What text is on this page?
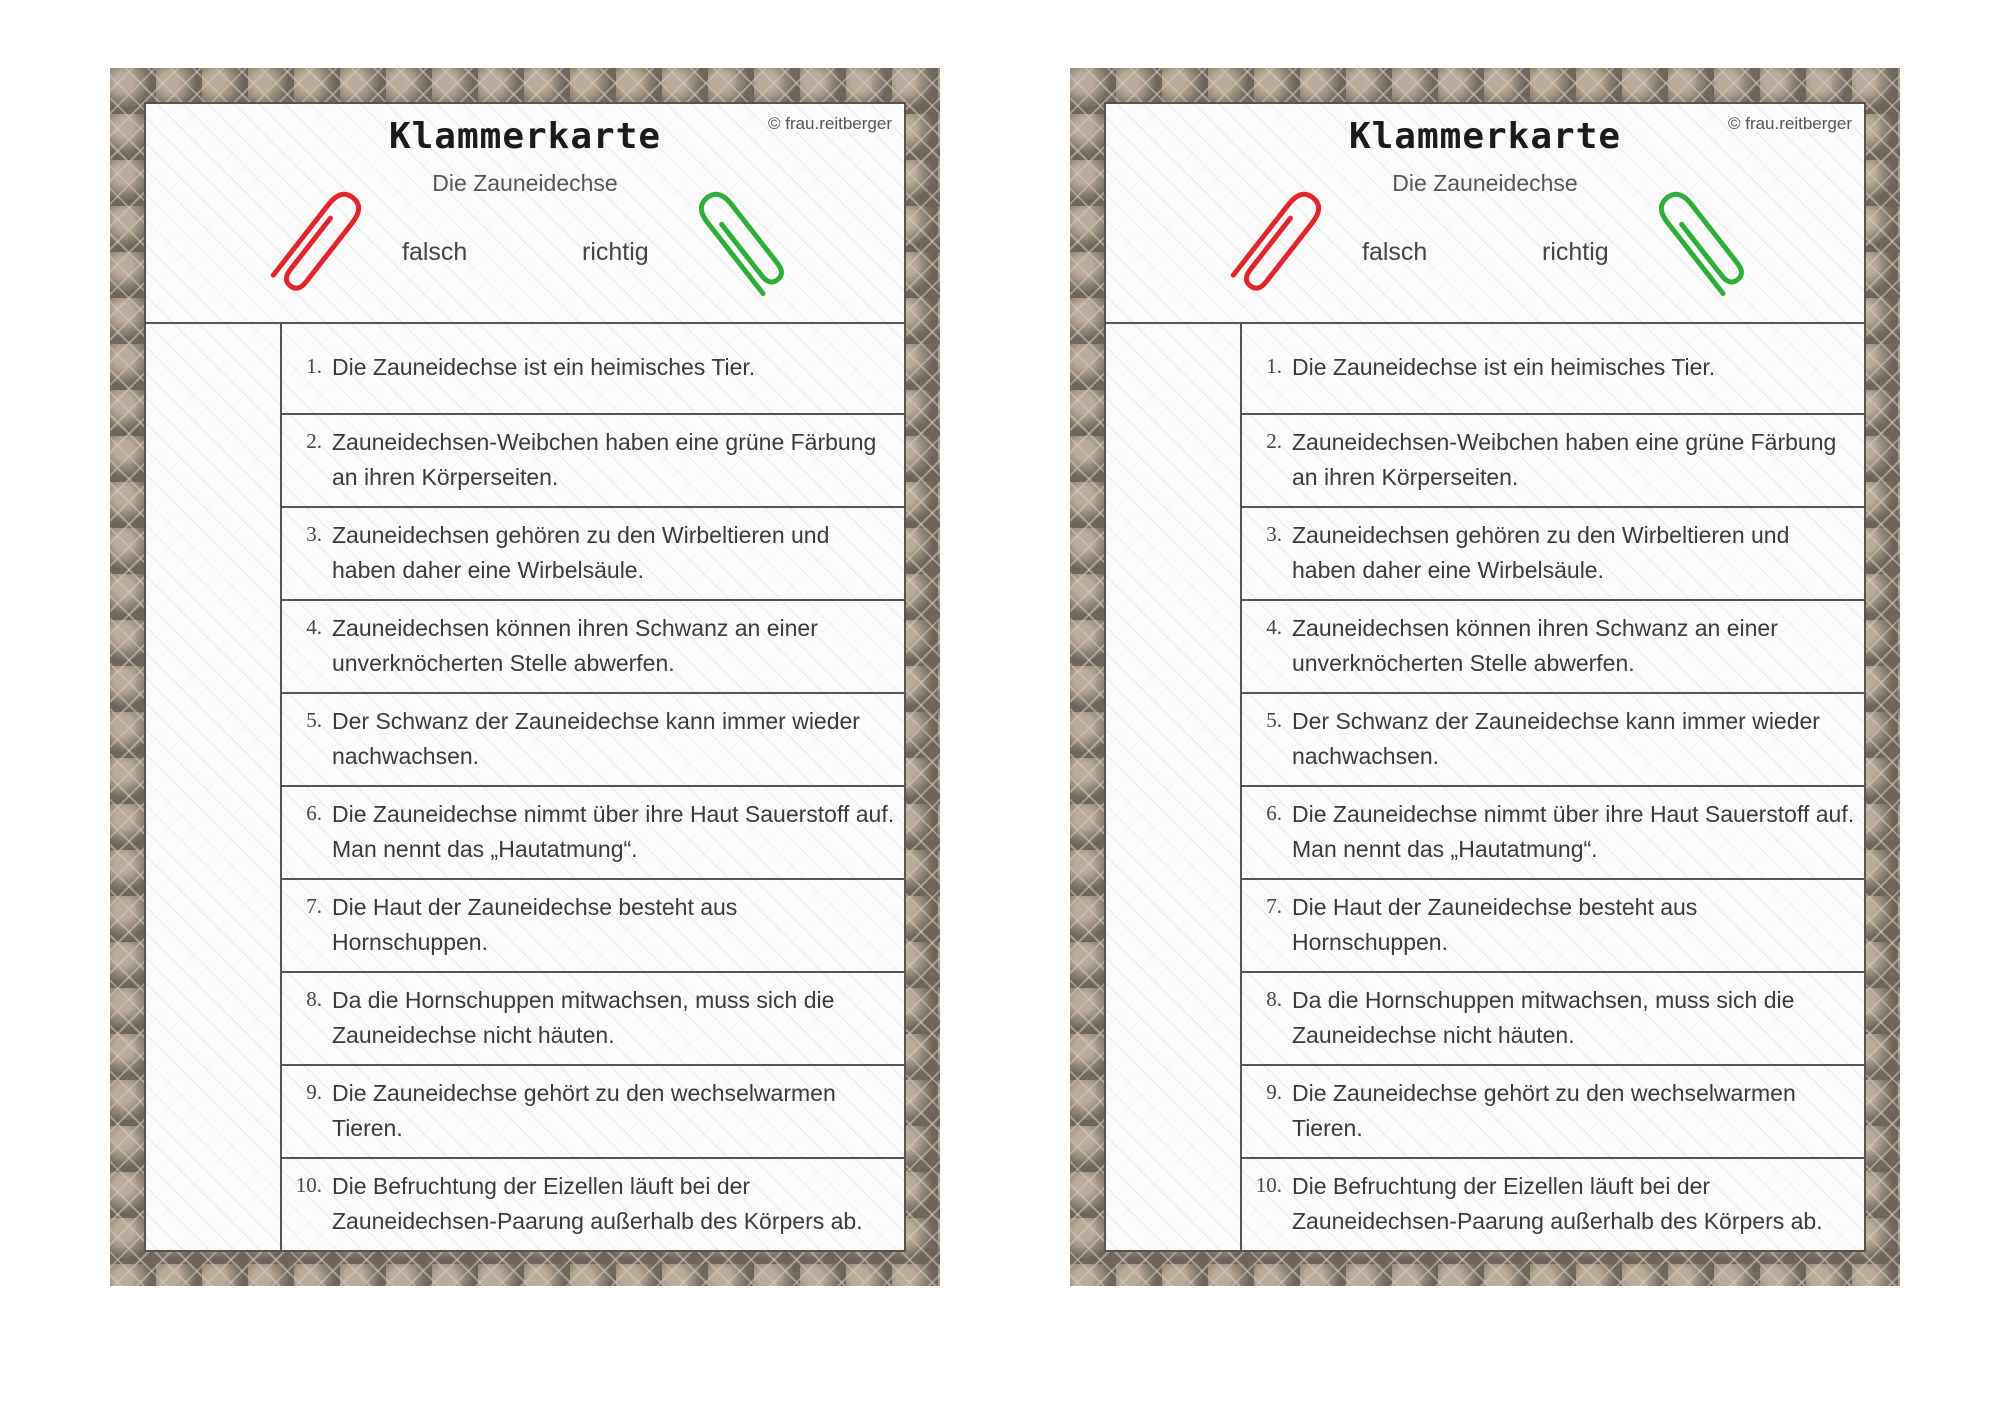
Klammerkarte
Die Zauneidechse
© frau.reitberger
falsch	richtig
1. Die Zauneidechse ist ein heimisches Tier.
2. Zauneidechsen-Weibchen haben eine grüne Färbung an ihren Körperseiten.
3. Zauneidechsen gehören zu den Wirbeltieren und haben daher eine Wirbelsäule.
4. Zauneidechsen können ihren Schwanz an einer unverknöcherten Stelle abwerfen.
5. Der Schwanz der Zauneidechse kann immer wieder nachwachsen.
6. Die Zauneidechse nimmt über ihre Haut Sauerstoff auf. Man nennt das „Hautatmung“.
7. Die Haut der Zauneidechse besteht aus Hornschuppen.
8. Da die Hornschuppen mitwachsen, muss sich die Zauneidechse nicht häuten.
9. Die Zauneidechse gehört zu den wechselwarmen Tieren.
10. Die Befruchtung der Eizellen läuft bei der Zauneidechsen-Paarung außerhalb des Körpers ab.
Klammerkarte
Die Zauneidechse
© frau.reitberger
falsch	richtig
1. Die Zauneidechse ist ein heimisches Tier.
2. Zauneidechsen-Weibchen haben eine grüne Färbung an ihren Körperseiten.
3. Zauneidechsen gehören zu den Wirbeltieren und haben daher eine Wirbelsäule.
4. Zauneidechsen können ihren Schwanz an einer unverknöcherten Stelle abwerfen.
5. Der Schwanz der Zauneidechse kann immer wieder nachwachsen.
6. Die Zauneidechse nimmt über ihre Haut Sauerstoff auf. Man nennt das „Hautatmung“.
7. Die Haut der Zauneidechse besteht aus Hornschuppen.
8. Da die Hornschuppen mitwachsen, muss sich die Zauneidechse nicht häuten.
9. Die Zauneidechse gehört zu den wechselwarmen Tieren.
10. Die Befruchtung der Eizellen läuft bei der Zauneidechsen-Paarung außerhalb des Körpers ab.
